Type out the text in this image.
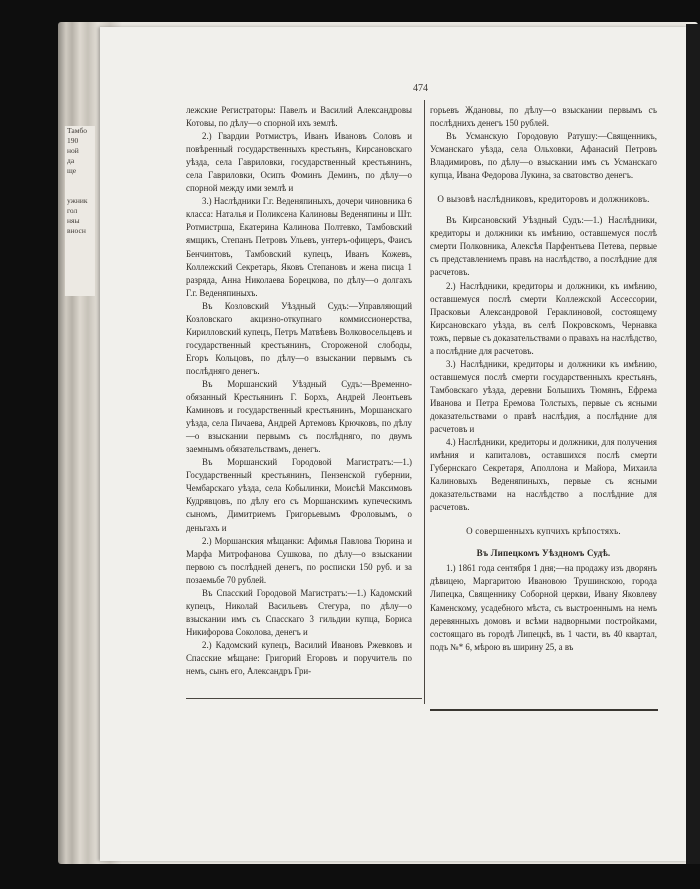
Тамбо
190
ной
да
ще

ужник
гол
няы
вносн
474

лежские Регистраторы: Павелъ и Василий Александровы Котовы, по дѣлу—о спорной ихъ землѣ.

2.) Гвардии Ротмистръ, Иванъ Ивановъ Соловъ и повѣренный государственныхъ крестьянъ, Кирсановскаго уѣзда, села Гавриловки, государственный крестьянинъ, села Гавриловки, Осипъ Фоминъ Деминъ, по дѣлу—о спорной между ими землѣ и

3.) Наслѣдники Г.г. Веденяпиныхъ, дочери чиновника 6 класса: Наталья и Поликсена Калиновы Веденяпины и Шт. Ротмистрша, Екатерина Калинова Полтевко, Тамбовский ямщикъ, Степанъ Петровъ Ульевъ, унтеръ-офицеръ, Фаисъ Бенчинтовъ, Тамбовский купецъ, Иванъ Кожевъ, Коллежский Секретарь, Яковъ Степановъ и жена писца 1 разряда, Анна Николаева Борецкова, по дѣлу—о долгахъ Г.г. Веденяпиныхъ.

Въ Козловский Уѣздный Судъ:—Управляющий Козловскаго акцизно-откупнаго коммиссионерства, Кирилловский купецъ, Петръ Матвѣевъ Волковосельцевъ и государственный крестьянинъ, Стороженой слободы, Егоръ Кольцовъ, по дѣлу—о взыскании первымъ съ послѣдняго денегъ.

Въ Моршанский Уѣздный Судъ:—Временно-обязанный Крестьянинъ Г. Борхъ, Андрей Леонтьевъ Каминовъ и государственный крестьянинъ, Моршанскаго уѣзда, села Пичаева, Андрей Артемовъ Крючковъ, по дѣлу—о взыскании первымъ съ послѣдняго, по двумъ заемнымъ обязательствамъ, денегъ.

Въ Моршанский Городовой Магистратъ:—1.) Государственный крестьянинъ, Пензенской губернии, Чембарскаго уѣзда, села Кобылинки, Моисѣй Максимовъ Кудрявцовъ, по дѣлу его съ Моршанскимъ купеческимъ сыномъ, Димитриемъ Григорьевымъ Фроловымъ, о деньгахъ и

2.) Моршанския мѣщанки: Афимья Павлова Тюрина и Марфа Митрофанова Сушкова, по дѣлу—о взыскании первою съ послѣдней денегъ, по росписки 150 руб. и за позаемьбе 70 рублей.

Въ Спасский Городовой Магистратъ:—1.) Кадомский купецъ, Николай Васильевъ Стегура, по дѣлу—о взыскании имъ съ Спасскаго 3 гильдии купца, Бориса Никифорова Соколова, денегъ и

2.) Кадомский купецъ, Василий Ивановъ Ржевковъ и Спасские мѣщане: Григорий Егоровъ и поручитель по немъ, сынъ его, Александръ Гри-

горьевъ Ждановы, по дѣлу—о взыскании первымъ съ послѣднихъ денегъ 150 рублей.

Въ Усманскую Городовую Ратушу:—Священникъ, Усманскаго уѣзда, села Ольховки, Афанасий Петровъ Владимировъ, по дѣлу—о взыскании имъ съ Усманскаго купца, Ивана Федорова Лукина, за сватовство денегъ.

О вызовѣ наслѣдниковъ, кредиторовъ и должниковъ.

Въ Кирсановский Уѣздный Судъ:—1.) Наслѣдники, кредиторы и должники къ имѣнию, оставшемуся послѣ смерти Полковника, Алексѣя Парфентьева Петева, первые съ представлениемъ правъ на наслѣдство, а послѣдние для расчетовъ.

2.) Наслѣдники, кредиторы и должники, къ имѣнию, оставшемуся послѣ смерти Коллежской Ассессории, Прасковьи Александровой Гераклиновой, состоящему Кирсановскаго уѣзда, въ селѣ Покровскомъ, Чернавка тожъ, первые съ доказательствами о правахъ на наслѣдство, а послѣдние для расчетовъ.

3.) Наслѣдники, кредиторы и должники къ имѣнию, оставшемуся послѣ смерти государственныхъ крестьянъ, Тамбовскаго уѣзда, деревни Большихъ Тюмянъ, Ефрема Иванова и Петра Еремова Толстыхъ, первые съ ясными доказательствами о правѣ наслѣдия, а послѣдние для расчетовъ и

4.) Наслѣдники, кредиторы и должники, для получения имѣния и капиталовъ, оставшихся послѣ смерти Губернскаго Секретаря, Аполлона и Майора, Михаила Калиновыхъ Веденяпиныхъ, первые съ ясными доказательствами на наслѣдство а послѣдние для расчетовъ.

О совершенныхъ купчихъ крѣпостяхъ.
Въ Липецкомъ Уѣздномъ Судѣ.

1.) 1861 года сентября 1 дня;—на продажу изъ дворянъ дѣвицею, Маргаритою Ивановою Трушинскою, города Липецка, Священнику Соборной церкви, Ивану Яковлеву Каменскому, усадебного мѣста, съ выстроеннымъ на немъ деревянныхъ домовъ и всѣми надворными постройками, состоящаго въ городѣ Липецкѣ, въ 1 части, въ 40 квартал, подъ №* 6, мѣрою въ ширину 25, а въ
